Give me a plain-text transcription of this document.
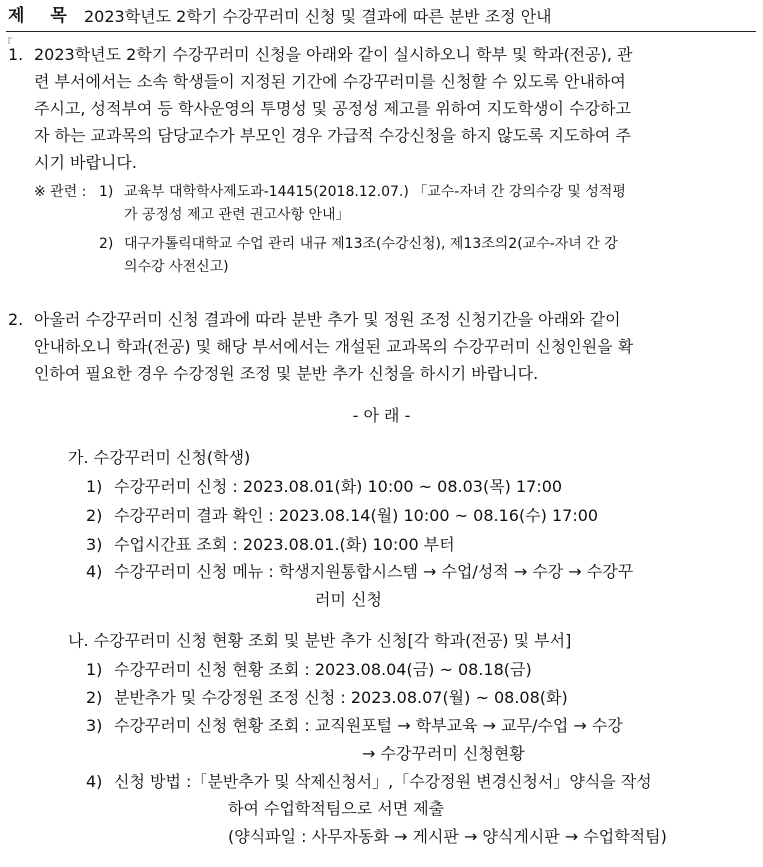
제 목 2023학년도 2학기 수강꾸러미 신청 및 결과에 따른 분반 조정 안내
『
1. 2023학년도 2학기 수강꾸러미 신청을 아래와 같이 실시하오니 학부 및 학과(전공), 관
련 부서에서는 소속 학생들이 지정된 기간에 수강꾸러미를 신청할 수 있도록 안내하여
주시고, 성적부여 등 학사운영의 투명성 및 공정성 제고를 위하여 지도학생이 수강하고
자 하는 교과목의 담당교수가 부모인 경우 가급적 수강신청을 하지 않도록 지도하여 주
시기 바랍니다.
※ 관련 : 1) 교육부 대학학사제도과-14415(2018.12.07.) 「교수-자녀 간 강의수강 및 성적평
가 공정성 제고 관련 권고사항 안내」
2) 대구가톨릭대학교 수업 관리 내규 제13조(수강신청), 제13조의2(교수-자녀 간 강
의수강 사전신고)
2. 아울러 수강꾸러미 신청 결과에 따라 분반 추가 및 정원 조정 신청기간을 아래와 같이
안내하오니 학과(전공) 및 해당 부서에서는 개설된 교과목의 수강꾸러미 신청인원을 확
인하여 필요한 경우 수강정원 조정 및 분반 추가 신청을 하시기 바랍니다.
- 아 래 -
가. 수강꾸러미 신청(학생)
1) 수강꾸러미 신청 : 2023.08.01(화) 10:00 ~ 08.03(목) 17:00
2) 수강꾸러미 결과 확인 : 2023.08.14(월) 10:00 ~ 08.16(수) 17:00
3) 수업시간표 조회 : 2023.08.01.(화) 10:00 부터
4) 수강꾸러미 신청 메뉴 : 학생지원통합시스템 → 수업/성적 → 수강 → 수강꾸
러미 신청
나. 수강꾸러미 신청 현황 조회 및 분반 추가 신청[각 학과(전공) 및 부서]
1) 수강꾸러미 신청 현황 조회 : 2023.08.04(금) ~ 08.18(금)
2) 분반추가 및 수강정원 조정 신청 : 2023.08.07(월) ~ 08.08(화)
3) 수강꾸러미 신청 현황 조회 : 교직원포털 → 학부교육 → 교무/수업 → 수강
→ 수강꾸러미 신청현황
4) 신청 방법 :「분반추가 및 삭제신청서」,「수강정원 변경신청서」양식을 작성
하여 수업학적팀으로 서면 제출
(양식파일 : 사무자동화 → 게시판 → 양식게시판 → 수업학적팀)
